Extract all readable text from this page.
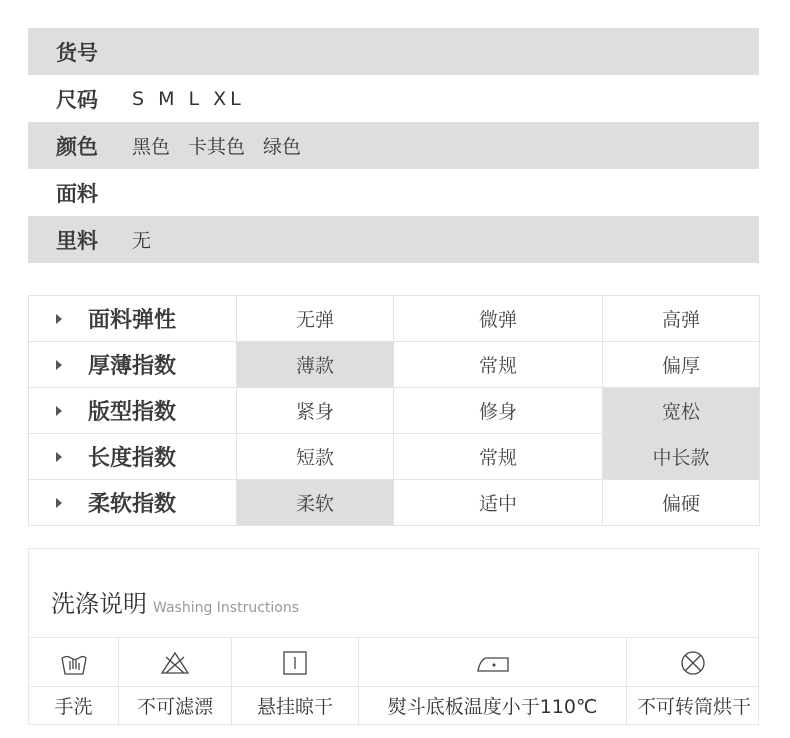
货号
尺码	S M L XL
颜色	黑色 卡其色 绿色
面料
里料	无
面料弹性	无弹	微弹	高弹
厚薄指数	薄款	常规	偏厚
版型指数	紧身	修身	宽松
长度指数	短款	常规	中长款
柔软指数	柔软	适中	偏硬
洗涤说明 Washing Instructions
手洗	不可滤漂	悬挂晾干	熨斗底板温度小于110℃	不可转筒烘干
